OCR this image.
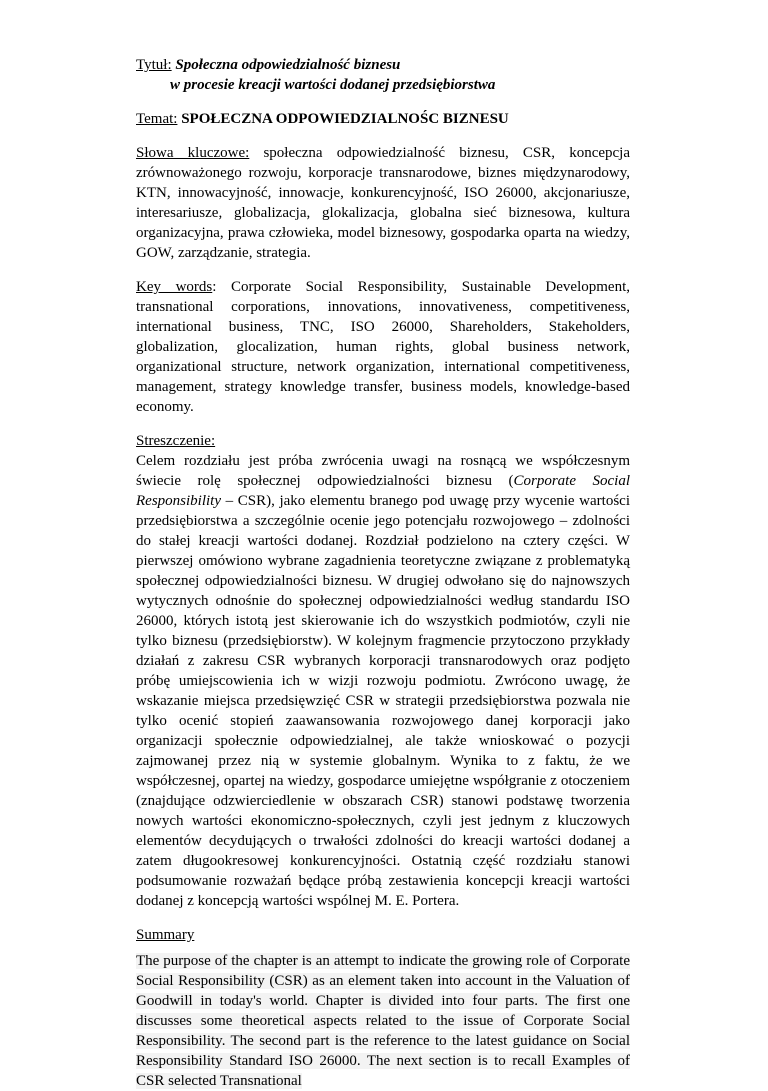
Tytuł: Społeczna odpowiedzialność biznesu

w procesie kreacji wartości dodanej przedsiębiorstwa

Temat: SPOŁECZNA ODPOWIEDZIALNOŚC BIZNESU

Słowa kluczowe: społeczna odpowiedzialność biznesu, CSR, koncepcja zrównoważonego rozwoju, korporacje transnarodowe, biznes międzynarodowy, KTN, innowacyjność, innowacje, konkurencyjność, ISO 26000, akcjonariusze, interesariusze, globalizacja, glokalizacja, globalna sieć biznesowa, kultura organizacyjna, prawa człowieka, model biznesowy, gospodarka oparta na wiedzy, GOW, zarządzanie, strategia.

Key words: Corporate Social Responsibility, Sustainable Development, transnational corporations, innovations, innovativeness, competitiveness, international business, TNC, ISO 26000, Shareholders, Stakeholders, globalization, glocalization, human rights, global business network, organizational structure, network organization, international competitiveness, management, strategy knowledge transfer, business models, knowledge-based economy.

Streszczenie:

Celem rozdziału jest próba zwrócenia uwagi na rosnącą we współczesnym świecie rolę społecznej odpowiedzialności biznesu (Corporate Social Responsibility – CSR), jako elementu branego pod uwagę przy wycenie wartości przedsiębiorstwa a szczególnie ocenie jego potencjału rozwojowego – zdolności do stałej kreacji wartości dodanej. Rozdział podzielono na cztery części. W pierwszej omówiono wybrane zagadnienia teoretyczne związane z problematyką społecznej odpowiedzialności biznesu. W drugiej odwołano się do najnowszych wytycznych odnośnie do społecznej odpowiedzialności według standardu ISO 26000, których istotą jest skierowanie ich do wszystkich podmiotów, czyli nie tylko biznesu (przedsiębiorstw). W kolejnym fragmencie przytoczono przykłady działań z zakresu CSR wybranych korporacji transnarodowych oraz podjęto próbę umiejscowienia ich w wizji rozwoju podmiotu. Zwrócono uwagę, że wskazanie miejsca przedsięwzięć CSR w strategii przedsiębiorstwa pozwala nie tylko ocenić stopień zaawansowania rozwojowego danej korporacji jako organizacji społecznie odpowiedzialnej, ale także wnioskować o pozycji zajmowanej przez nią w systemie globalnym. Wynika to z faktu, że we współczesnej, opartej na wiedzy, gospodarce umiejętne współgranie z otoczeniem (znajdujące odzwierciedlenie w obszarach CSR) stanowi podstawę tworzenia nowych wartości ekonomiczno-społecznych, czyli jest jednym z kluczowych elementów decydujących o trwałości zdolności do kreacji wartości dodanej a zatem długookresowej konkurencyjności. Ostatnią część rozdziału stanowi podsumowanie rozważań będące próbą zestawienia koncepcji kreacji wartości dodanej z koncepcją wartości wspólnej M. E. Portera.

Summary

The purpose of the chapter is an attempt to indicate the growing role of Corporate Social Responsibility (CSR) as an element taken into account in the Valuation of Goodwill in today's world. Chapter is divided into four parts. The first one discusses some theoretical aspects related to the issue of Corporate Social Responsibility. The second part is the reference to the latest guidance on Social Responsibility Standard ISO 26000. The next section is to recall Examples of CSR selected Transnational
